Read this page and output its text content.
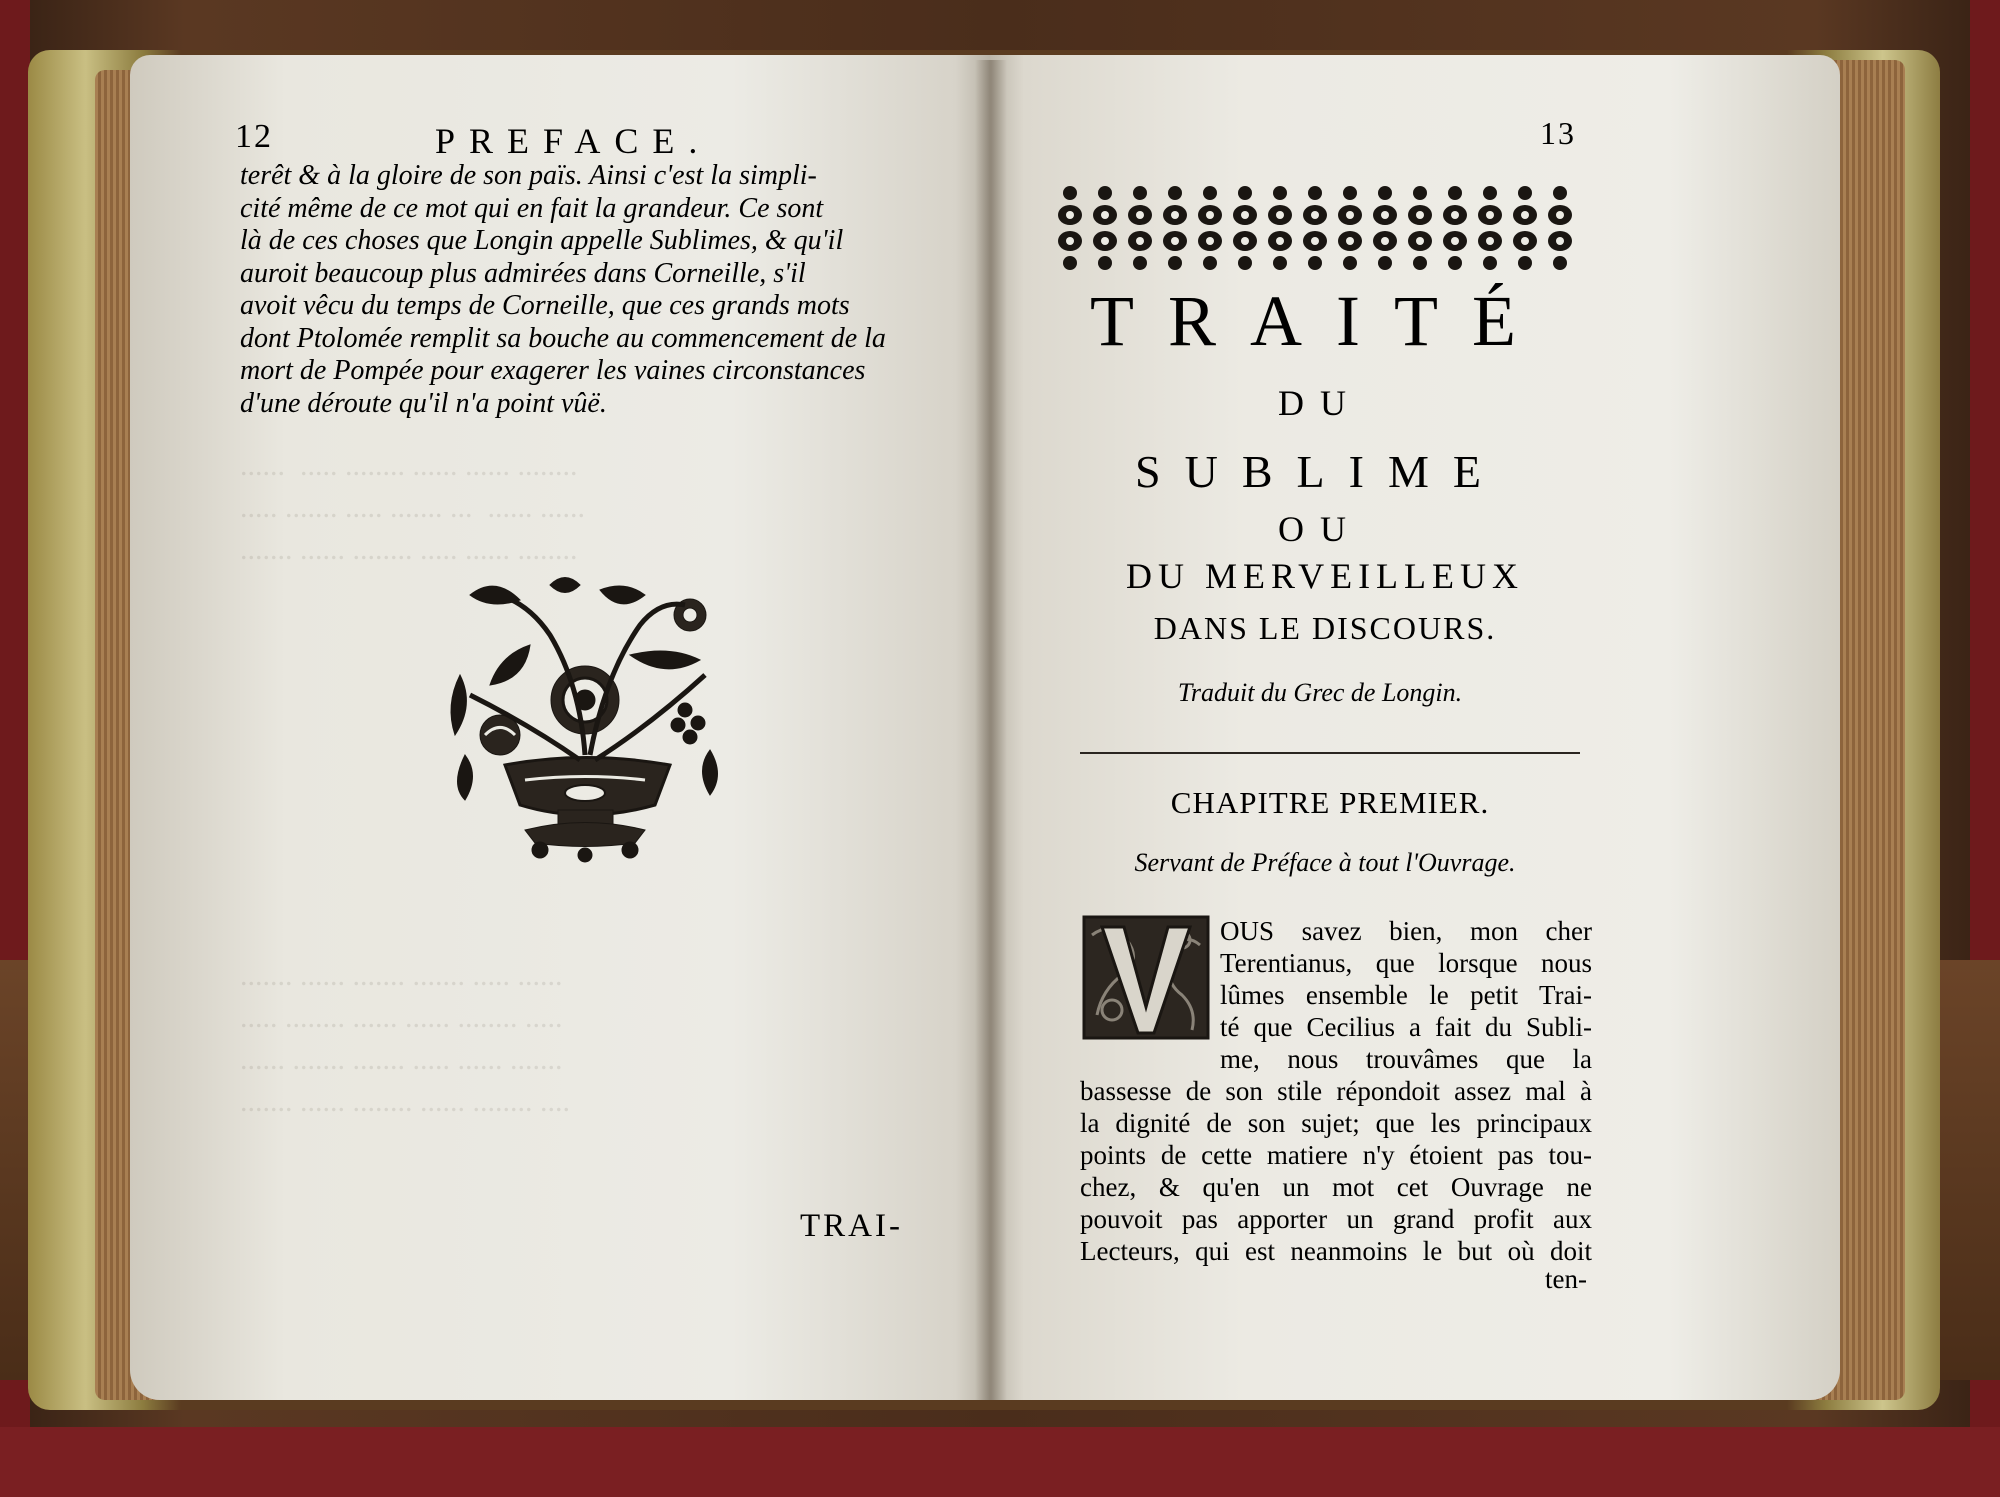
......  ..... ........ ...... ...... ........
..... ....... ..... ....... ...  ...... ......
....... ...... ........ ..... ...... ........
....... ...... ....... ....... ..... ......
..... ........ ...... ...... ........ .....
...... ....... ....... ..... ...... .......
....... ...... ........ ...... ........ ....
12	PREFACE.
terêt & à la gloire de son païs. Ainsi c'est la simpli-
cité même de ce mot qui en fait la grandeur. Ce sont
là de ces choses que Longin appelle Sublimes, & qu'il
auroit beaucoup plus admirées dans Corneille, s'il
avoit vêcu du temps de Corneille, que ces grands mots
dont Ptolomée remplit sa bouche au commencement de la
mort de Pompée pour exagerer les vaines circonstances
d'une déroute qu'il n'a point vûë.
TRAI-
13
TRAITÉ
DU
SUBLIME
OU
DU MERVEILLEUX
DANS LE DISCOURS.
Traduit du Grec de Longin.
CHAPITRE PREMIER.
Servant de Préface à tout l'Ouvrage.
OUS savez bien, mon cher
Terentianus, que lorsque nous
lûmes ensemble le petit Trai-
té que Cecilius a fait du Subli-
me, nous trouvâmes que la
bassesse de son stile répondoit assez mal à
la dignité de son sujet; que les principaux
points de cette matiere n'y étoient pas tou-
chez, & qu'en un mot cet Ouvrage ne
pouvoit pas apporter un grand profit aux
Lecteurs, qui est neanmoins le but où doit
ten-
